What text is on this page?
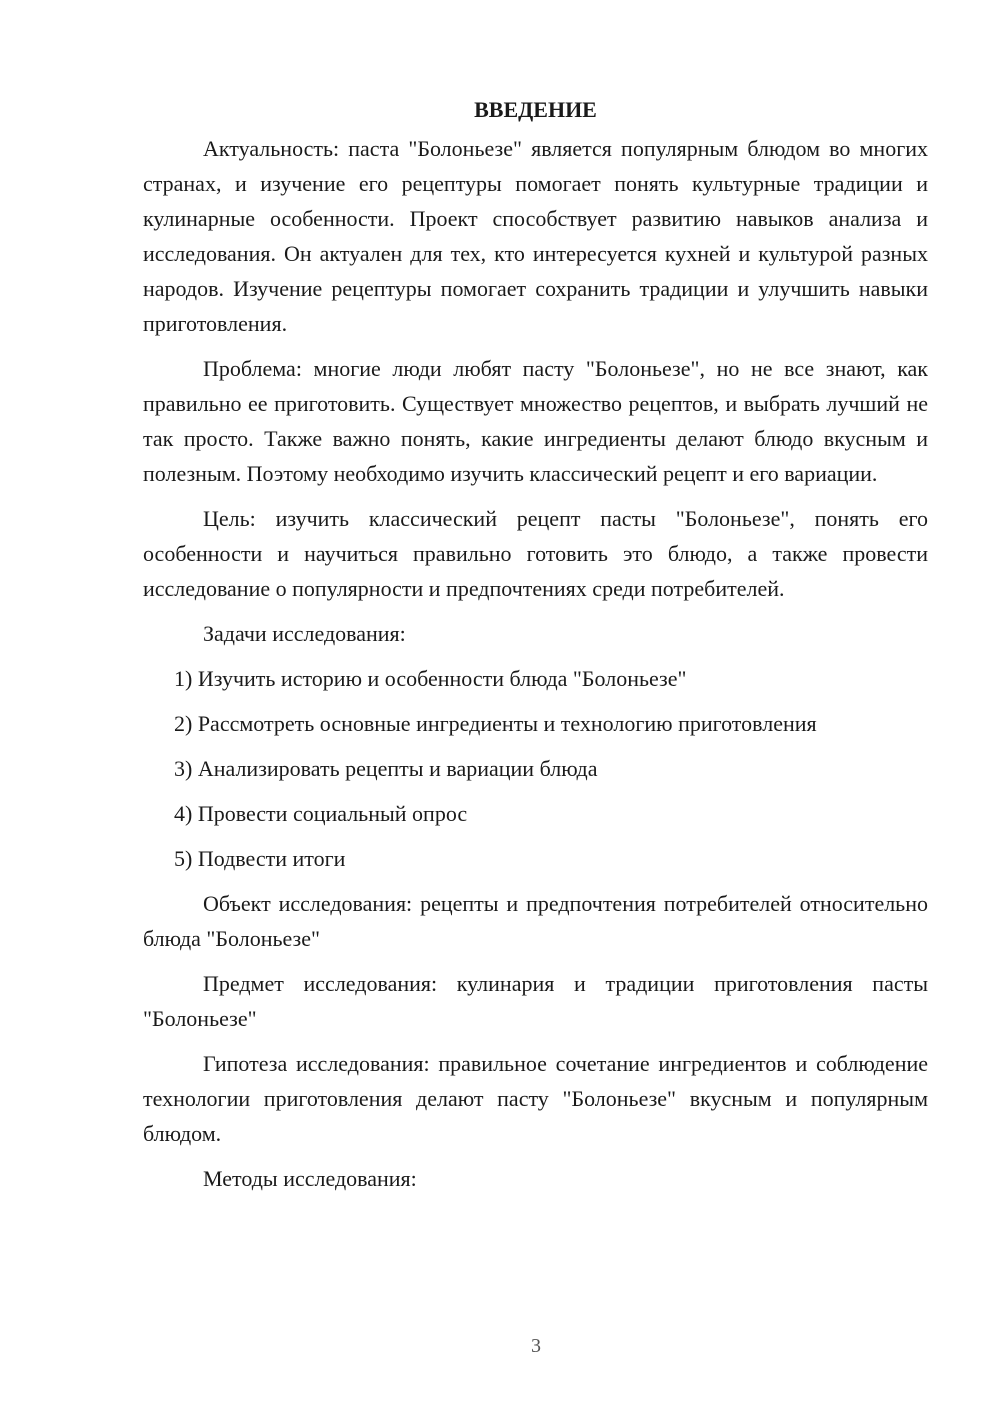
ВВЕДЕНИЕ

Актуальность: паста "Болоньезе" является популярным блюдом во многих странах, и изучение его рецептуры помогает понять культурные традиции и кулинарные особенности. Проект способствует развитию навыков анализа и исследования. Он актуален для тех, кто интересуется кухней и культурой разных народов. Изучение рецептуры помогает сохранить традиции и улучшить навыки приготовления.

Проблема: многие люди любят пасту "Болоньезе", но не все знают, как правильно ее приготовить. Существует множество рецептов, и выбрать лучший не так просто. Также важно понять, какие ингредиенты делают блюдо вкусным и полезным. Поэтому необходимо изучить классический рецепт и его вариации.

Цель: изучить классический рецепт пасты "Болоньезе", понять его особенности и научиться правильно готовить это блюдо, а также провести исследование о популярности и предпочтениях среди потребителей.

Задачи исследования:

1) Изучить историю и особенности блюда "Болоньезе"
2) Рассмотреть основные ингредиенты и технологию приготовления
3) Анализировать рецепты и вариации блюда
4) Провести социальный опрос
5) Подвести итоги

Объект исследования: рецепты и предпочтения потребителей относительно блюда "Болоньезе"

Предмет исследования: кулинария и традиции приготовления пасты "Болоньезе"

Гипотеза исследования: правильное сочетание ингредиентов и соблюдение технологии приготовления делают пасту "Болоньезе" вкусным и популярным блюдом.

Методы исследования:

3
